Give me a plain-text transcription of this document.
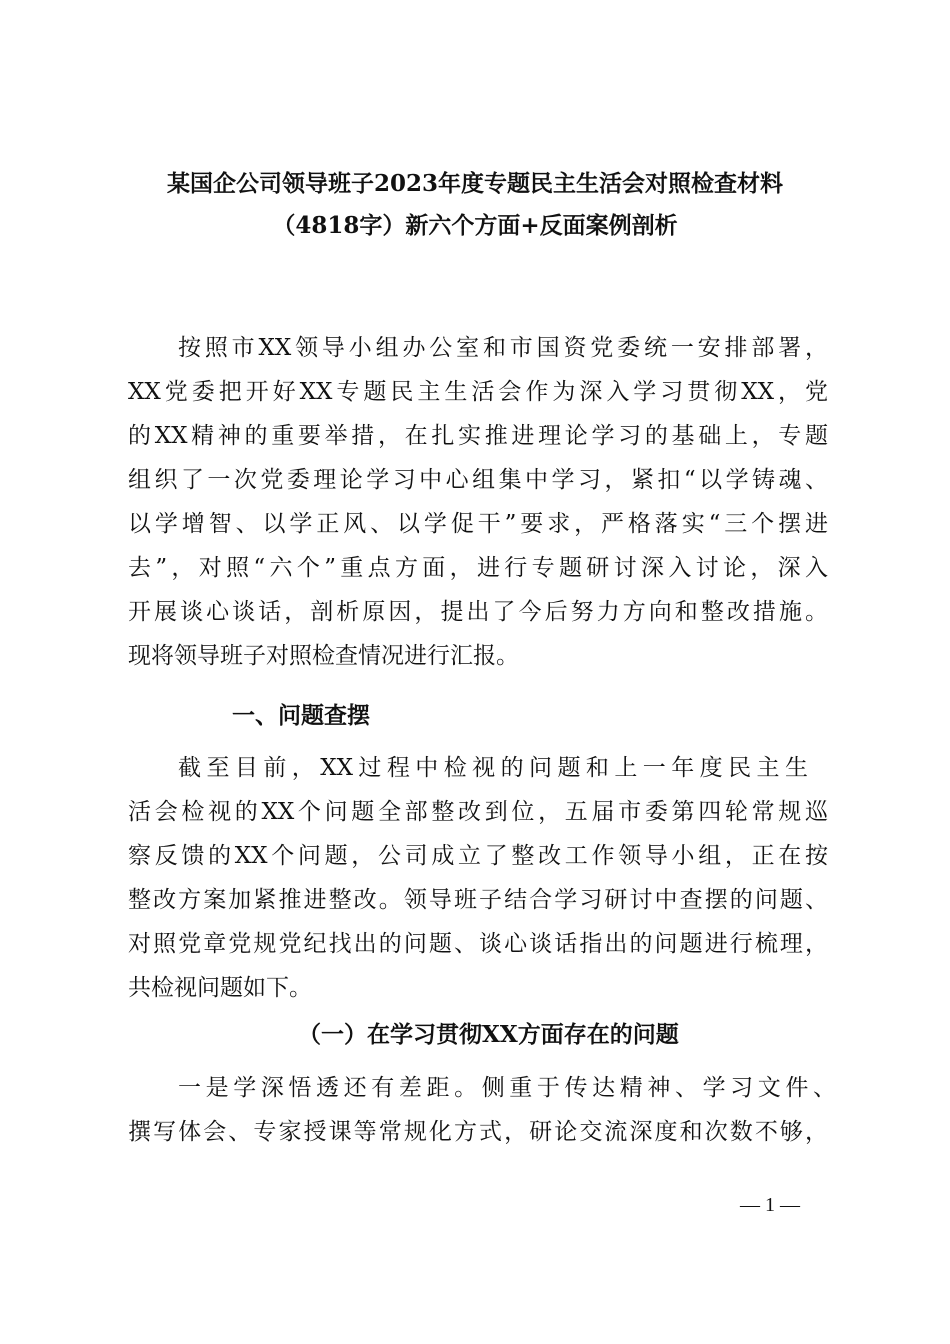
某国企公司领导班子2023年度专题民主生活会对照检查材料
（4818字）新六个方面+反面案例剖析

按照市XX领导小组办公室和市国资党委统一安排部署，

XX党委把开好XX专题民主生活会作为深入学习贯彻XX，党

的XX精神的重要举措，在扎实推进理论学习的基础上，专题

组织了一次党委理论学习中心组集中学习，紧扣“以学铸魂、

以学增智、以学正风、以学促干”要求，严格落实“三个摆进

去”，对照“六个”重点方面，进行专题研讨深入讨论，深入

开展谈心谈话，剖析原因，提出了今后努力方向和整改措施。

现将领导班子对照检查情况进行汇报。

一、问题查摆

截至目前，XX过程中检视的问题和上一年度民主生

活会检视的XX个问题全部整改到位，五届市委第四轮常规巡

察反馈的XX个问题，公司成立了整改工作领导小组，正在按

整改方案加紧推进整改。领导班子结合学习研讨中查摆的问题、

对照党章党规党纪找出的问题、谈心谈话指出的问题进行梳理，

共检视问题如下。

（一）在学习贯彻XX方面存在的问题

一是学深悟透还有差距。侧重于传达精神、学习文件、

撰写体会、专家授课等常规化方式，研论交流深度和次数不够，

— 1 —
